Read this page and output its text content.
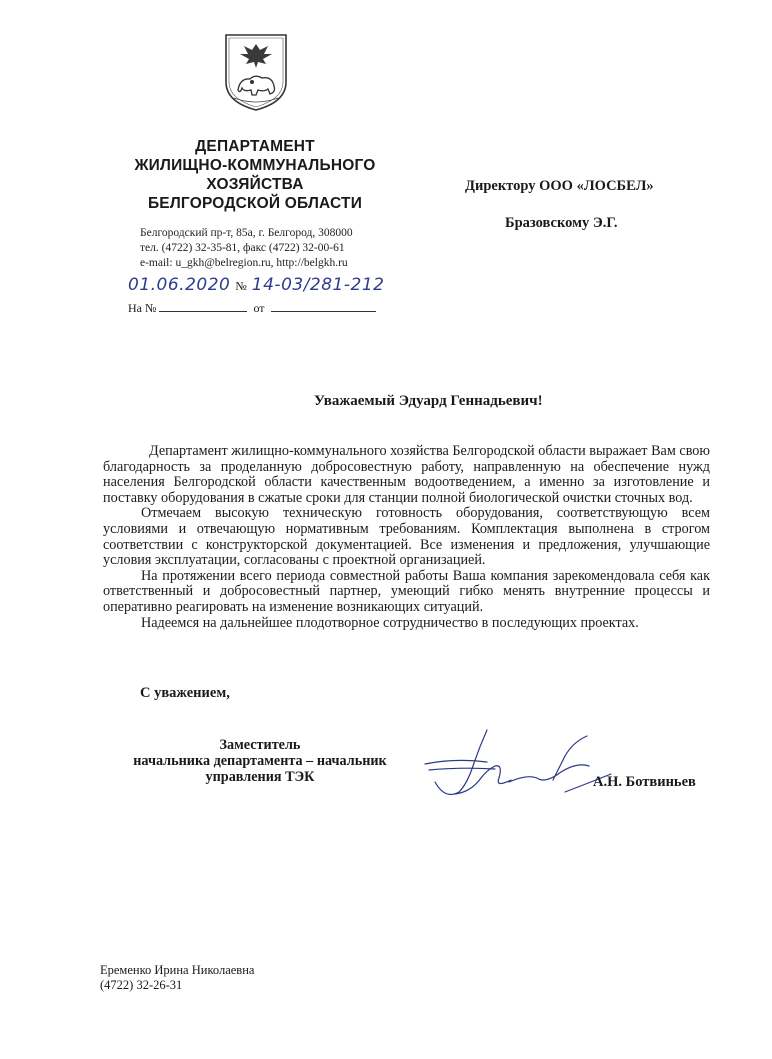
ДЕПАРТАМЕНТ
ЖИЛИЩНО-КОММУНАЛЬНОГО
ХОЗЯЙСТВА
БЕЛГОРОДСКОЙ ОБЛАСТИ
Белгородский пр-т, 85а, г. Белгород, 308000
тел. (4722) 32-35-81, факс (4722) 32-00-61
e-mail: u_gkh@belregion.ru, http://belgkh.ru
01.06.2020 № 14-03/281-212
На №	от
Директору ООО «ЛОСБЕЛ»
Бразовскому Э.Г.
Уважаемый Эдуард Геннадьевич!

Департамент жилищно-коммунального хозяйства Белгородской области выражает Вам свою благодарность за проделанную добросовестную работу, направленную на обеспечение нужд населения Белгородской области качественным водоотведением, а именно за изготовление и поставку оборудования в сжатые сроки для станции полной биологической очистки сточных вод.

Отмечаем высокую техническую готовность оборудования, соответствующую всем условиями и отвечающую нормативным требованиям. Комплектация выполнена в строгом соответствии с конструкторской документацией. Все изменения и предложения, улучшающие условия эксплуатации, согласованы с проектной организацией.

На протяжении всего периода совместной работы Ваша компания зарекомендовала себя как ответственный и добросовестный партнер, умеющий гибко менять внутренние процессы и оперативно реагировать на изменение возникающих ситуаций.

Надеемся на дальнейшее плодотворное сотрудничество в последующих проектах.

С уважением,
Заместитель
начальника департамента – начальник
управления ТЭК	А.Н. Ботвиньев
Еременко Ирина Николаевна
(4722) 32-26-31
